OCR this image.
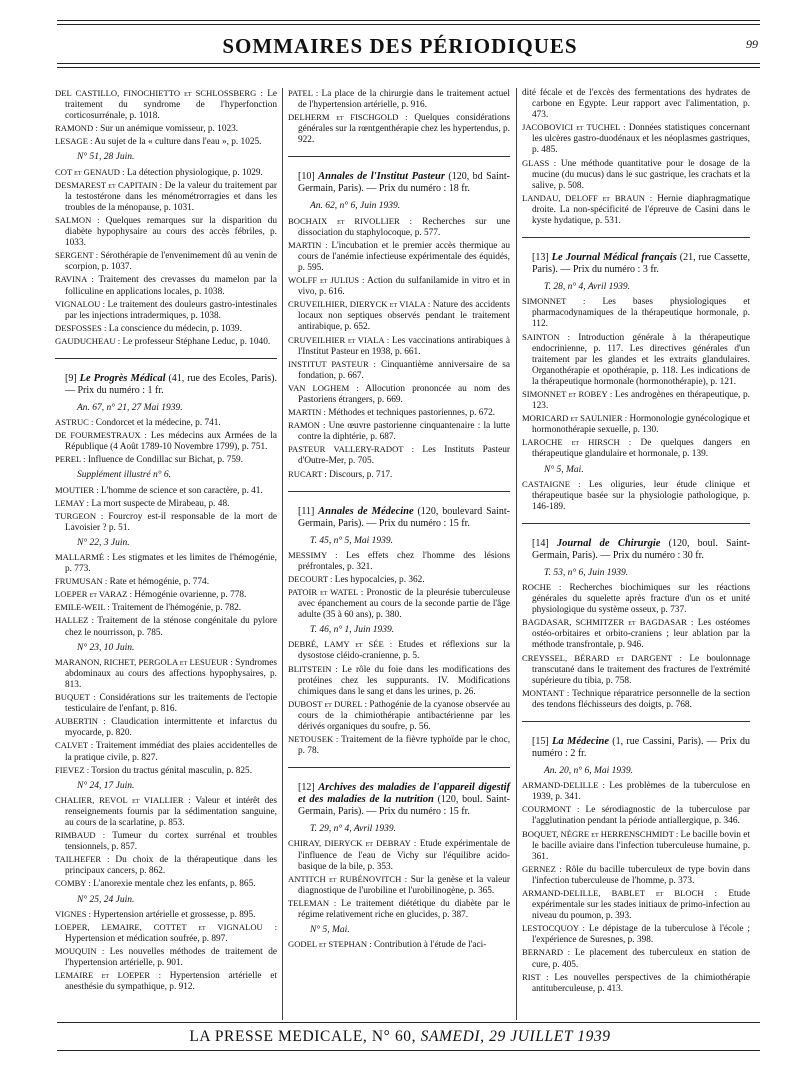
SOMMAIRES DES PÉRIODIQUES	99
DEL CASTILLO, FINOCHIETTO et SCHLOSSBERG : Le traitement du syndrome de l'hyperfonction corticosurrénale, p. 1018.
RAMOND : Sur un anémique vomisseur, p. 1023.
LESAGE : Au sujet de la « culture dans l'eau », p. 1025.
N° 51, 28 Juin.
COT et GENAUD : La détection physiologique, p. 1029.
DESMAREST et CAPITAIN : De la valeur du traitement par la testostérone dans les ménométrorragies et dans les troubles de la ménopause, p. 1031.
SALMON : Quelques remarques sur la disparition du diabète hypophysaire au cours des accès fébriles, p. 1033.
SERGENT : Sérothérapie de l'envenimement dû au venin de scorpion, p. 1037.
RAVINA : Traitement des crevasses du mamelon par la folliculine en applications locales, p. 1038.
VIGNALOU : Le traitement des douleurs gastro-intestinales par les injections intradermiques, p. 1038.
DESFOSSES : La conscience du médecin, p. 1039.
GAUDUCHEAU : Le professeur Stéphane Leduc, p. 1040.
[9] Le Progrès Médical (41, rue des Ecoles, Paris). — Prix du numéro : 1 fr.
An. 67, n° 21, 27 Mai 1939.
ASTRUC : Condorcet et la médecine, p. 741.
DE FOURMESTRAUX : Les médecins aux Armées de la République (4 Août 1789-10 Novembre 1799), p. 751.
PEREL : Influence de Condillac sur Bichat, p. 759.
Supplément illustré n° 6.
MOUTIER : L'homme de science et son caractère, p. 41.
LEMAY : La mort suspecte de Mirabeau, p. 48.
TURGEON : Fourcroy est-il responsable de la mort de Lavoisier ? p. 51.
N° 22, 3 Juin.
MALLARMÉ : Les stigmates et les limites de l'hémogénie, p. 773.
FRUMUSAN : Rate et hémogénie, p. 774.
LOEPER et VARAZ : Hémogénie ovarienne, p. 778.
EMILE-WEIL : Traitement de l'hémogénie, p. 782.
HALLEZ : Traitement de la sténose congénitale du pylore chez le nourrisson, p. 785.
N° 23, 10 Juin.
MARANON, RICHET, PERGOLA et LESUEUR : Syndromes abdominaux au cours des affections hypophysaires, p. 813.
BUQUET : Considérations sur les traitements de l'ectopie testiculaire de l'enfant, p. 816.
AUBERTIN : Claudication intermittente et infarctus du myocarde, p. 820.
CALVET : Traitement immédiat des plaies accidentelles de la pratique civile, p. 827.
FIEVEZ : Torsion du tractus génital masculin, p. 825.
N° 24, 17 Juin.
CHALIER, REVOL et VIALLIER : Valeur et intérêt des renseignements fournis par la sédimentation sanguine, au cours de la scarlatine, p. 853.
RIMBAUD : Tumeur du cortex surrénal et troubles tensionnels, p. 857.
TAILHEFER : Du choix de la thérapeutique dans les principaux cancers, p. 862.
COMBY : L'anorexie mentale chez les enfants, p. 865.
N° 25, 24 Juin.
VIGNES : Hypertension artérielle et grossesse, p. 895.
LOEPER, LEMAIRE, COTTET et VIGNALOU : Hypertension et médication soufrée, p. 897.
MOUQUIN : Les nouvelles méthodes de traitement de l'hypertension artérielle, p. 901.
LEMAIRE et LOEPER : Hypertension artérielle et anesthésie du sympathique, p. 912.
PATEL : La place de la chirurgie dans le traitement actuel de l'hypertension artérielle, p. 916.
DELHERM et FISCHGOLD : Quelques considérations générales sur la rœntgenthérapie chez les hypertendus, p. 922.
[10] Annales de l'Institut Pasteur (120, bd Saint-Germain, Paris). — Prix du numéro : 18 fr.
An. 62, n° 6, Juin 1939.
BOCHAIX et RIVOLLIER : Recherches sur une dissociation du staphylocoque, p. 577.
MARTIN : L'incubation et le premier accès thermique au cours de l'anémie infectieuse expérimentale des équidés, p. 595.
WOLFF et JULIUS : Action du sulfanilamide in vitro et in vivo, p. 616.
CRUVEILHIER, DIERYCK et VIALA : Nature des accidents locaux non septiques observés pendant le traitement antirabique, p. 652.
CRUVEILHIER et VIALA : Les vaccinations antirabiques à l'Institut Pasteur en 1938, p. 661.
INSTITUT PASTEUR : Cinquantième anniversaire de sa fondation, p. 667.
VAN LOGHEM : Allocution prononcée au nom des Pastoriens étrangers, p. 669.
MARTIN : Méthodes et techniques pastoriennes, p. 672.
RAMON : Une œuvre pastorienne cinquantenaire : la lutte contre la diphtérie, p. 687.
PASTEUR VALLERY-RADOT : Les Instituts Pasteur d'Outre-Mer, p. 705.
RUCART : Discours, p. 717.
[11] Annales de Médecine (120, boulevard Saint-Germain, Paris). — Prix du numéro : 15 fr.
T. 45, n° 5, Mai 1939.
MESSIMY : Les effets chez l'homme des lésions préfrontales, p. 321.
DECOURT : Les hypocalcies, p. 362.
PATOIR et WATEL : Pronostic de la pleurésie tuberculeuse avec épanchement au cours de la seconde partie de l'âge adulte (35 à 60 ans), p. 380.
T. 46, n° 1, Juin 1939.
DEBRÉ, LAMY et SÉE : Etudes et réflexions sur la dysostose cléido-cranienne, p. 5.
BLITSTEIN : Le rôle du foie dans les modifications des protéines chez les suppurants. IV. Modifications chimiques dans le sang et dans les urines, p. 26.
DUBOST et DUREL : Pathogénie de la cyanose observée au cours de la chimiothérapie antibactérienne par les dérivés organiques du soufre, p. 56.
NETOUSEK : Traitement de la fièvre typhoïde par le choc, p. 78.
[12] Archives des maladies de l'appareil digestif et des maladies de la nutrition (120, boul. Saint-Germain, Paris). — Prix du numéro : 15 fr.
T. 29, n° 4, Avril 1939.
CHIRAY, DIERYCK et DEBRAY : Etude expérimentale de l'influence de l'eau de Vichy sur l'équilibre acido-basique de la bile, p. 353.
ANTITCH et RUBÉNOVITCH : Sur la genèse et la valeur diagnostique de l'urobiline et l'urobilinogène, p. 365.
TELEMAN : Le traitement diététique du diabète par le régime relativement riche en glucides, p. 387.
N° 5, Mai.
GODEL et STEPHAN : Contribution à l'étude de l'aci-
dité fécale et de l'excès des fermentations des hydrates de carbone en Egypte. Leur rapport avec l'alimentation, p. 473.
JACOBOVICI et TUCHEL : Données statistiques concernant les ulcères gastro-duodénaux et les néoplasmes gastriques, p. 485.
GLASS : Une méthode quantitative pour le dosage de la mucine (du mucus) dans le suc gastrique, les crachats et la salive, p. 508.
LANDAU, DELOFF et BRAUN : Hernie diaphragmatique droite. La non-spécificité de l'épreuve de Casini dans le kyste hydatique, p. 531.
[13] Le Journal Médical français (21, rue Cassette, Paris). — Prix du numéro : 3 fr.
T. 28, n° 4, Avril 1939.
SIMONNET : Les bases physiologiques et pharmacodynamiques de la thérapeutique hormonale, p. 112.
SAINTON : Introduction générale à la thérapeutique endocrinienne, p. 117. Les directives générales d'un traitement par les glandes et les extraits glandulaires. Organothérapie et opothérapie, p. 118. Les indications de la thérapeutique hormonale (hormonothérapie), p. 121.
SIMONNET et ROBEY : Les androgènes en thérapeutique, p. 123.
MORICARD et SAULNIER : Hormonologie gynécologique et hormonothérapie sexuelle, p. 130.
LAROCHE et HIRSCH : De quelques dangers en thérapeutique glandulaire et hormonale, p. 139.
N° 5, Mai.
CASTAIGNE : Les oliguries, leur étude clinique et thérapeutique basée sur la physiologie pathologique, p. 146-189.
[14] Journal de Chirurgie (120, boul. Saint-Germain, Paris). — Prix du numéro : 30 fr.
T. 53, n° 6, Juin 1939.
ROCHE : Recherches biochimiques sur les réactions générales du squelette après fracture d'un os et unité physiologique du système osseux, p. 737.
BAGDASAR, SCHMITZER et BAGDASAR : Les ostéomes ostéo-orbitaires et orbito-craniens ; leur ablation par la méthode transfrontale, p. 946.
CREYSSEL, BÉRARD et DARGENT : Le boulonnage transcutané dans le traitement des fractures de l'extrémité supérieure du tibia, p. 758.
MONTANT : Technique réparatrice personnelle de la section des tendons fléchisseurs des doigts, p. 768.
[15] La Médecine (1, rue Cassini, Paris). — Prix du numéro : 2 fr.
An. 20, n° 6, Mai 1939.
ARMAND-DELILLE : Les problèmes de la tuberculose en 1939, p. 341.
COURMONT : Le sérodiagnostic de la tuberculose par l'agglutination pendant la période antiallergique, p. 346.
BOQUET, NÈGRE et HERRENSCHMIDT : Le bacille bovin et le bacille aviaire dans l'infection tuberculeuse humaine, p. 361.
GERNEZ : Rôle du bacille tuberculeux de type bovin dans l'infection tuberculeuse de l'homme, p. 373.
ARMAND-DELILLE, BABLET et BLOCH : Etude expérimentale sur les stades initiaux de primo-infection au niveau du poumon, p. 393.
LESTOCQUOY : Le dépistage de la tuberculose à l'école ; l'expérience de Suresnes, p. 398.
BERNARD : Le placement des tuberculeux en station de cure, p. 405.
RIST : Les nouvelles perspectives de la chimiothérapie antituberculeuse, p. 413.
LA PRESSE MEDICALE, N° 60, SAMEDI, 29 JUILLET 1939
